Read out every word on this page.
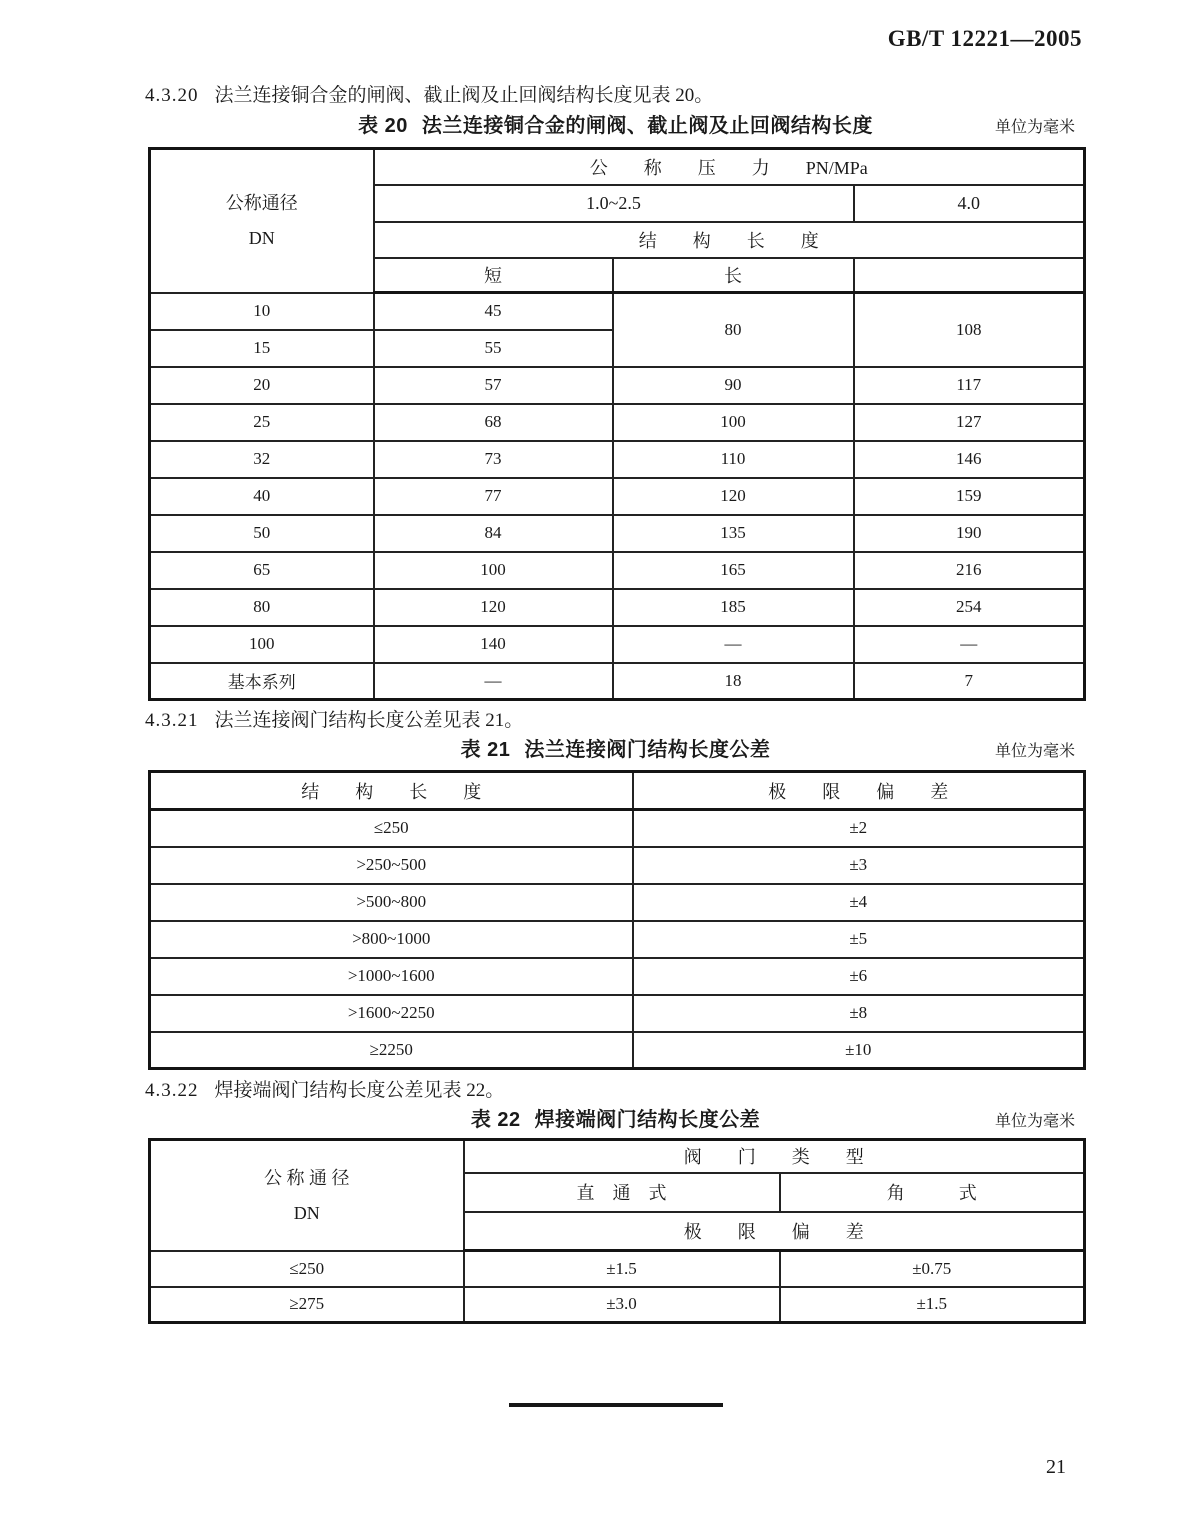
GB/T 12221—2005
4.3.20 法兰连接铜合金的闸阀、截止阀及止回阀结构长度见表 20。
表 20 法兰连接铜合金的闸阀、截止阀及止回阀结构长度	单位为毫米
公称通径
DN	公　　称　　压　　力　　PN/MPa		
	1.0~2.5		4.0
	结　　构　　长　　度		
	短	长	
10	45	80	108
15	55		
20	57	90	117
25	68	100	127
32	73	110	146
40	77	120	159
50	84	135	190
65	100	165	216
80	120	185	254
100	140	—	—
基本系列	—	18	7
4.3.21 法兰连接阀门结构长度公差见表 21。
表 21 法兰连接阀门结构长度公差	单位为毫米
结　　构　　长　　度	极　　限　　偏　　差
≤250	±2
>250~500	±3
>500~800	±4
>800~1000	±5
>1000~1600	±6
>1600~2250	±8
≥2250	±10
4.3.22 焊接端阀门结构长度公差见表 22。
表 22 焊接端阀门结构长度公差	单位为毫米
公 称 通 径
DN	阀　　门　　类　　型	
	直　通　式	角　　　式
	极　　限　　偏　　差	
≤250	±1.5	±0.75
≥275	±3.0	±1.5
21
